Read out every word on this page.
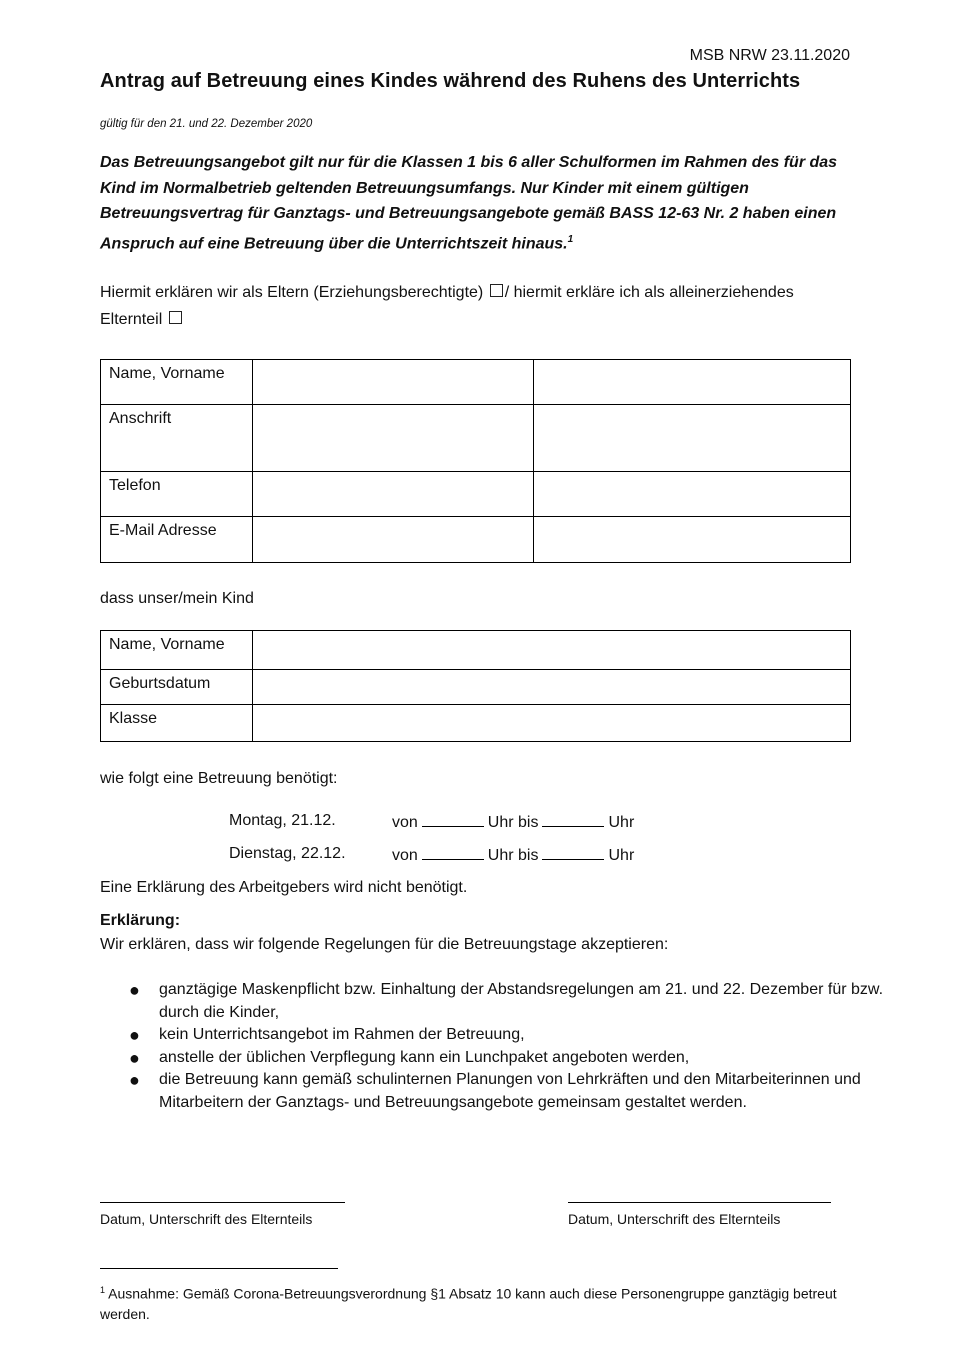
MSB NRW 23.11.2020
Antrag auf Betreuung eines Kindes während des Ruhens des Unterrichts
gültig für den 21. und 22. Dezember 2020
Das Betreuungsangebot gilt nur für die Klassen 1 bis 6 aller Schulformen im Rahmen des für das Kind im Normalbetrieb geltenden Betreuungsumfangs. Nur Kinder mit einem gültigen Betreuungsvertrag für Ganztags- und Betreuungsangebote gemäß BASS 12-63 Nr. 2 haben einen Anspruch auf eine Betreuung über die Unterrichtszeit hinaus.$^1$
Hiermit erklären wir als Eltern (Erziehungsberechtigte) / hiermit erkläre ich als alleinerziehendes Elternteil
Name, Vorname		
Anschrift		
Telefon		
E-Mail Adresse		
dass unser/mein Kind
Name, Vorname	
Geburtsdatum	
Klasse	
wie folgt eine Betreuung benötigt:
Montag, 21.12.	von	Uhr bis	Uhr
Dienstag, 22.12.	von	Uhr bis	Uhr
Eine Erklärung des Arbeitgebers wird nicht benötigt.
Erklärung:
Wir erklären, dass wir folgende Regelungen für die Betreuungstage akzeptieren:
● ganztägige Maskenpflicht bzw. Einhaltung der Abstandsregelungen am 21. und 22. Dezember für bzw. durch die Kinder,
● kein Unterrichtsangebot im Rahmen der Betreuung,
● anstelle der üblichen Verpflegung kann ein Lunchpaket angeboten werden,
● die Betreuung kann gemäß schulinternen Planungen von Lehrkräften und den Mitarbeiterinnen und Mitarbeitern der Ganztags- und Betreuungsangebote gemeinsam gestaltet werden.
Datum, Unterschrift des Elternteils	Datum, Unterschrift des Elternteils
$^1$ Ausnahme: Gemäß Corona-Betreuungsverordnung §1 Absatz 10 kann auch diese Personengruppe ganztägig betreut werden.
